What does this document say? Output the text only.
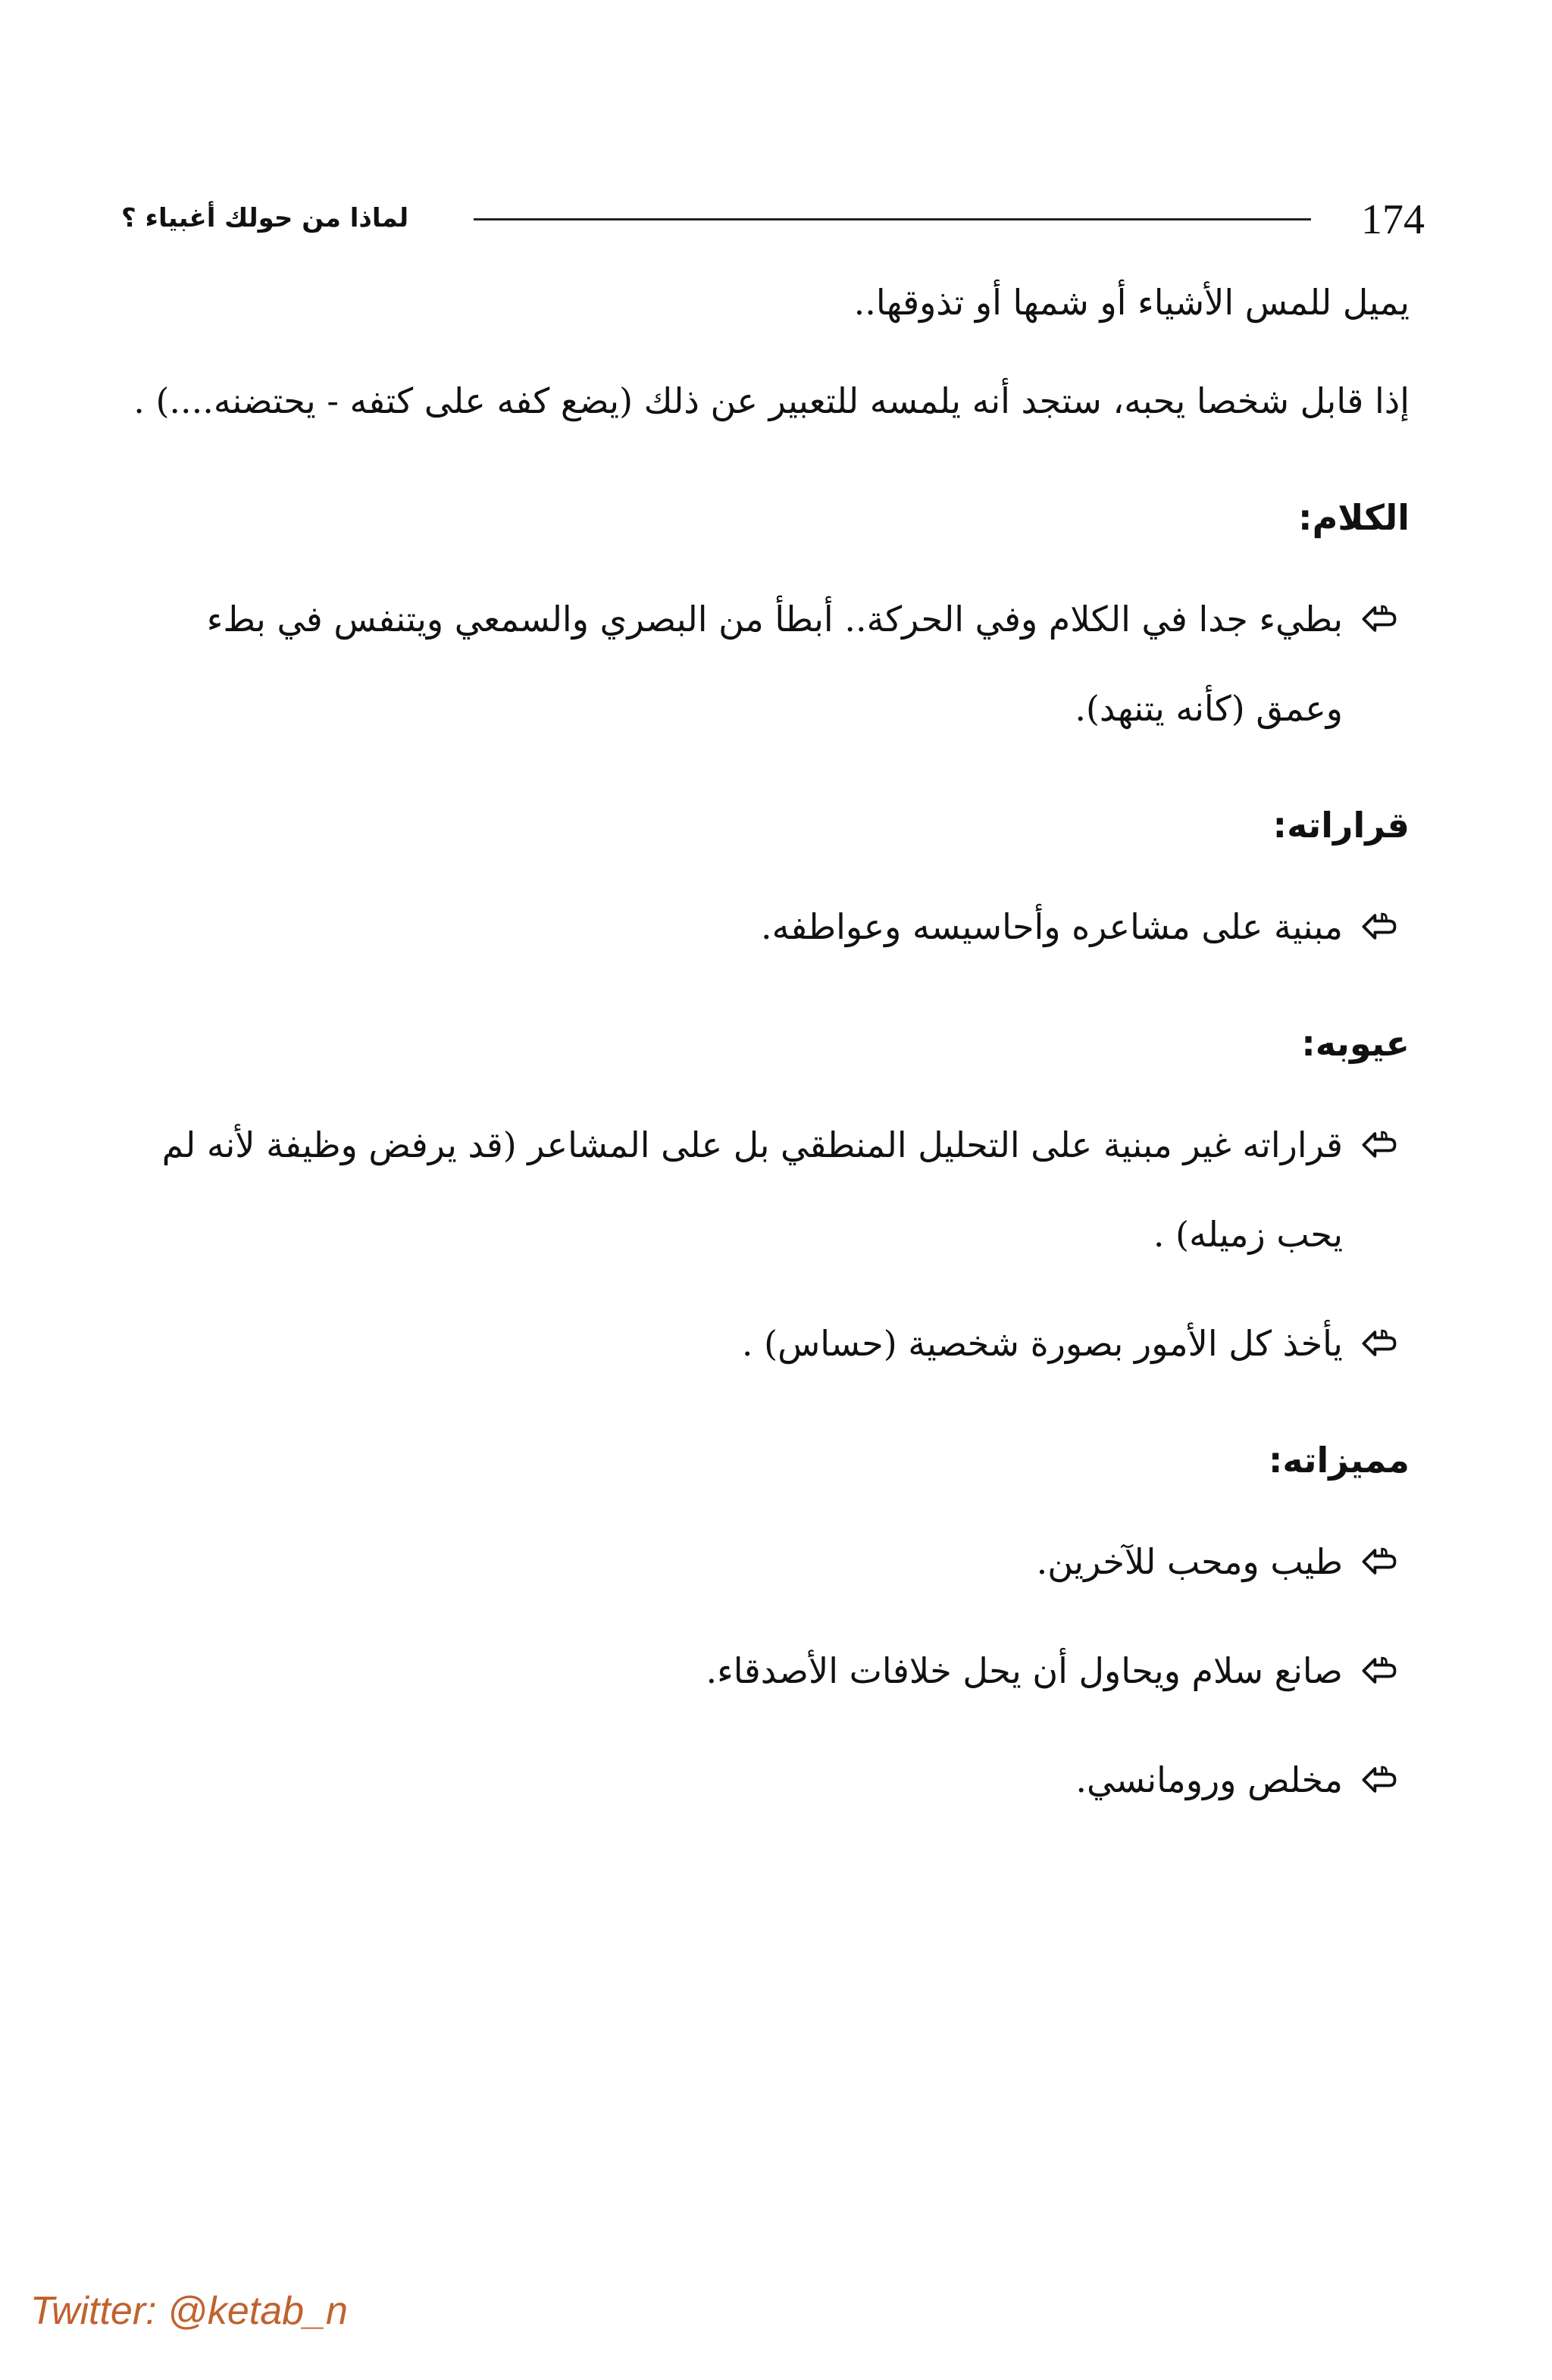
لماذا من حولك أغبياء ؟	174

يميل للمس الأشياء أو شمها أو تذوقها..

إذا قابل شخصا يحبه، ستجد أنه يلمسه للتعبير عن ذلك (يضع كفه على كتفه - يحتضنه....) .

الكلام:
بطيء جدا في الكلام وفي الحركة.. أبطأ من البصري والسمعي ويتنفس في بطء وعمق (كأنه يتنهد).
قراراته:
مبنية على مشاعره وأحاسيسه وعواطفه.
عيوبه:
قراراته غير مبنية على التحليل المنطقي بل على المشاعر (قد يرفض وظيفة لأنه لم يحب زميله) .
يأخذ كل الأمور بصورة شخصية (حساس) .
مميزاته:
طيب ومحب للآخرين.
صانع سلام ويحاول أن يحل خلافات الأصدقاء.
مخلص ورومانسي.
Twitter: @ketab_n
